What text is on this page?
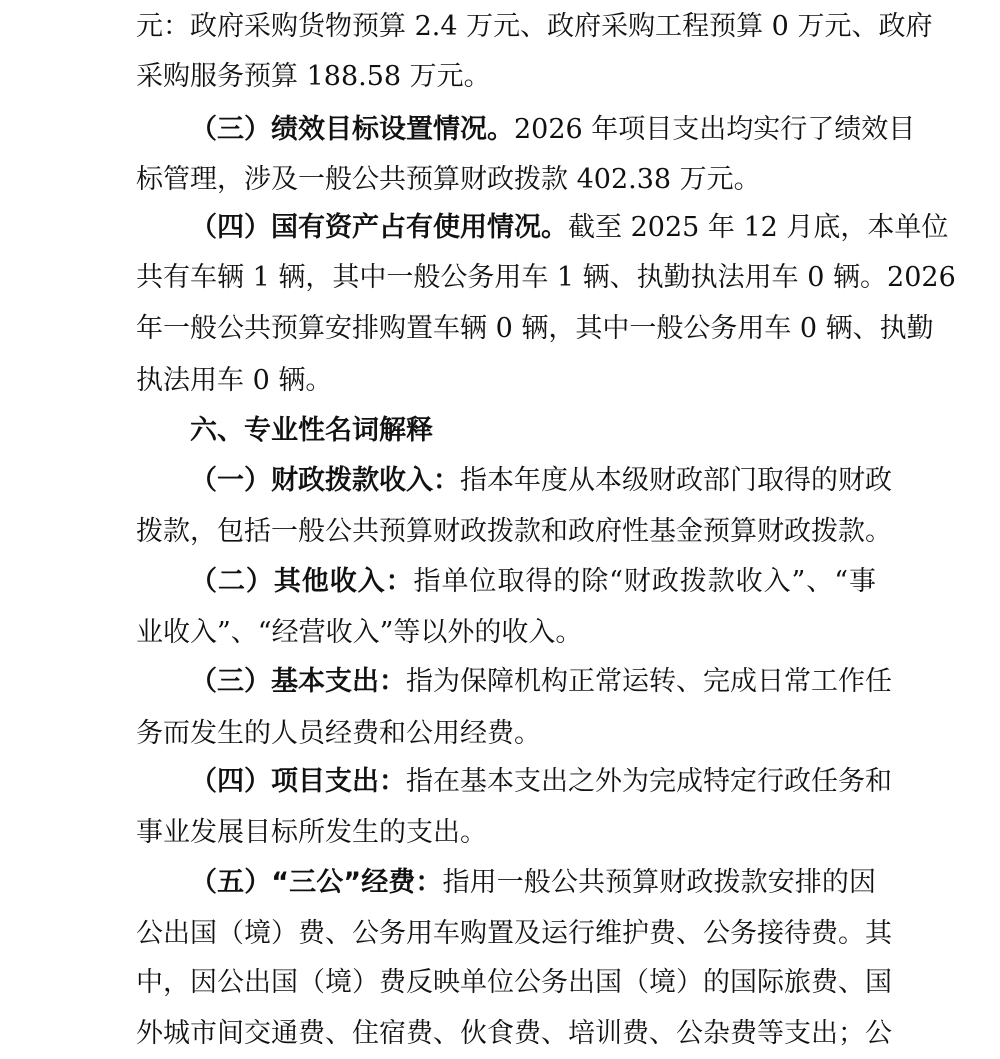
元：政府采购货物预算 2.4 万元、政府采购工程预算 0 万元、政府
采购服务预算 188.58 万元。
（三）绩效目标设置情况。2026 年项目支出均实行了绩效目
标管理，涉及一般公共预算财政拨款 402.38 万元。
（四）国有资产占有使用情况。截至 2025 年 12 月底，本单位
共有车辆 1 辆，其中一般公务用车 1 辆、执勤执法用车 0 辆。2026
年一般公共预算安排购置车辆 0 辆，其中一般公务用车 0 辆、执勤
执法用车 0 辆。
六、专业性名词解释
（一）财政拨款收入：指本年度从本级财政部门取得的财政
拨款，包括一般公共预算财政拨款和政府性基金预算财政拨款。
（二）其他收入：指单位取得的除“财政拨款收入”、“事
业收入”、“经营收入”等以外的收入。
（三）基本支出：指为保障机构正常运转、完成日常工作任
务而发生的人员经费和公用经费。
（四）项目支出：指在基本支出之外为完成特定行政任务和
事业发展目标所发生的支出。
（五）“三公”经费：指用一般公共预算财政拨款安排的因
公出国（境）费、公务用车购置及运行维护费、公务接待费。其
中，因公出国（境）费反映单位公务出国（境）的国际旅费、国
外城市间交通费、住宿费、伙食费、培训费、公杂费等支出；公
